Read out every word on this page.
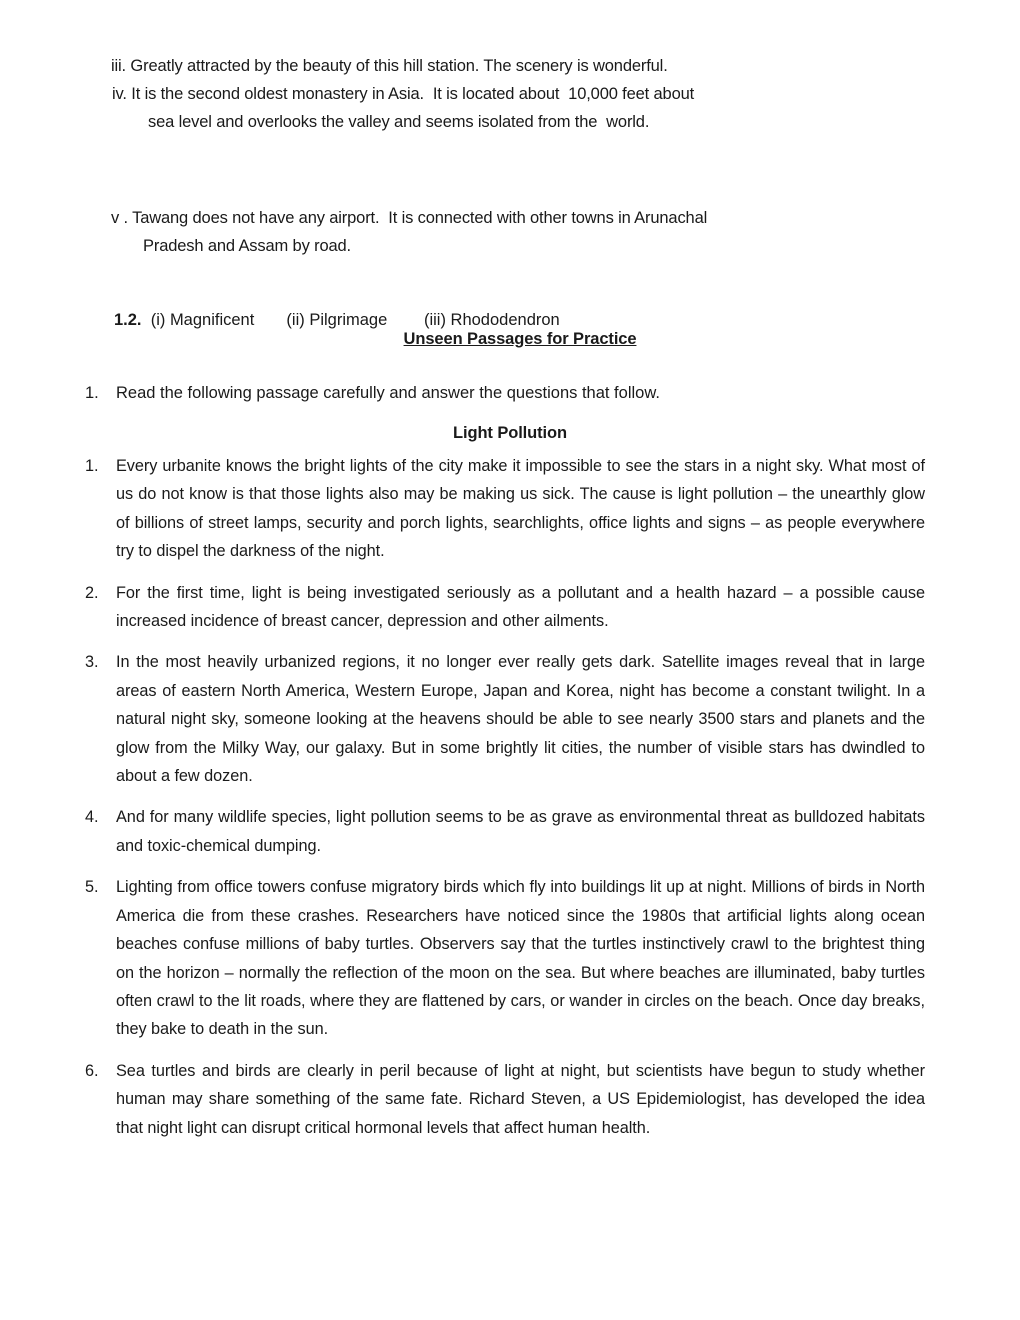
iii. Greatly attracted by the beauty of this hill station. The scenery is wonderful.
iv. It is the second oldest monastery in Asia.  It is located about  10,000 feet about
sea level and overlooks the valley and seems isolated from the  world.
v . Tawang does not have any airport.  It is connected with other towns in Arunachal
Pradesh and Assam by road.
1.2. (i) Magnificent (ii) Pilgrimage (iii) Rhododendron
Unseen Passages for Practice
1.	Read the following passage carefully and answer the questions that follow.
Light Pollution
1.	Every urbanite knows the bright lights of the city make it impossible to see the stars in a night sky. What most of us do not know is that those lights also may be making us sick. The cause is light pollution – the unearthly glow of billions of street lamps, security and porch lights, searchlights, office lights and signs – as people everywhere try to dispel the darkness of the night.
2.	For the first time, light is being investigated seriously as a pollutant and a health hazard – a possible cause increased incidence of breast cancer, depression and other ailments.
3.	In the most heavily urbanized regions, it no longer ever really gets dark. Satellite images reveal that in large areas of eastern North America, Western Europe, Japan and Korea, night has become a constant twilight. In a natural night sky, someone looking at the heavens should be able to see nearly 3500 stars and planets and the glow from the Milky Way, our galaxy. But in some brightly lit cities, the number of visible stars has dwindled to about a few dozen.
4.	And for many wildlife species, light pollution seems to be as grave as environmental threat as bulldozed habitats and toxic-chemical dumping.
5.	Lighting from office towers confuse migratory birds which fly into buildings lit up at night. Millions of birds in North America die from these crashes. Researchers have noticed since the 1980s that artificial lights along ocean beaches confuse millions of baby turtles. Observers say that the turtles instinctively crawl to the brightest thing on the horizon – normally the reflection of the moon on the sea. But where beaches are illuminated, baby turtles often crawl to the lit roads, where they are flattened by cars, or wander in circles on the beach. Once day breaks, they bake to death in the sun.
6.	Sea turtles and birds are clearly in peril because of light at night, but scientists have begun to study whether human may share something of the same fate. Richard Steven, a US Epidemiologist, has developed the idea that night light can disrupt critical hormonal levels that affect human health.
